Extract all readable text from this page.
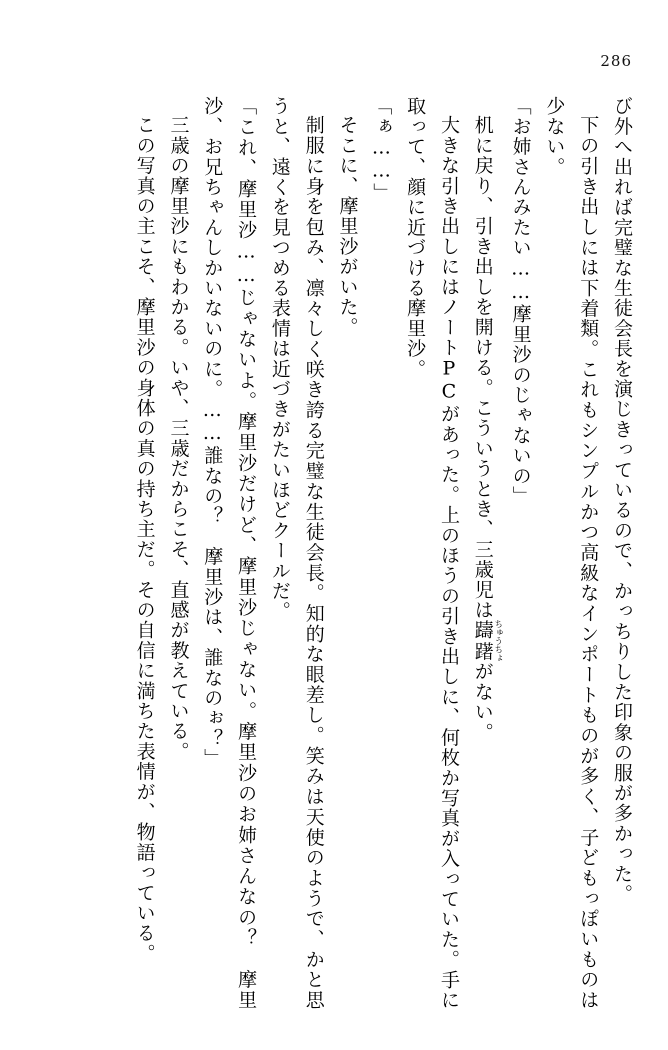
286

び外へ出れば完璧な生徒会長を演じきっているので、かっちりした印象の服が多かった。

下の引き出しには下着類。これもシンプルかつ高級なインポートものが多く、子どもっぽいものは少ない。

「お姉さんみたい……摩里沙のじゃないの」

机に戻り、引き出しを開ける。こういうとき、三歳児は躊躇 ちゅうちょがない。

大きな引き出しにはノートPCがあった。上のほうの引き出しに、何枚か写真が入っていた。手に取って、顔に近づける摩里沙。

「ぁ……」

そこに、摩里沙がいた。

制服に身を包み、凛々しく咲き誇る完璧な生徒会長。知的な眼差し。笑みは天使のようで、かと思うと、遠くを見つめる表情は近づきがたいほどクールだ。

「これ、摩里沙……じゃないよ。摩里沙だけど、摩里沙じゃない。摩里沙のお姉さんなの？　摩里沙、お兄ちゃんしかいないのに。……誰なの？　摩里沙は、誰なのぉ？」

三歳の摩里沙にもわかる。いや、三歳だからこそ、直感が教えている。

この写真の主こそ、摩里沙の身体の真の持ち主だ。その自信に満ちた表情が、物語っている。
